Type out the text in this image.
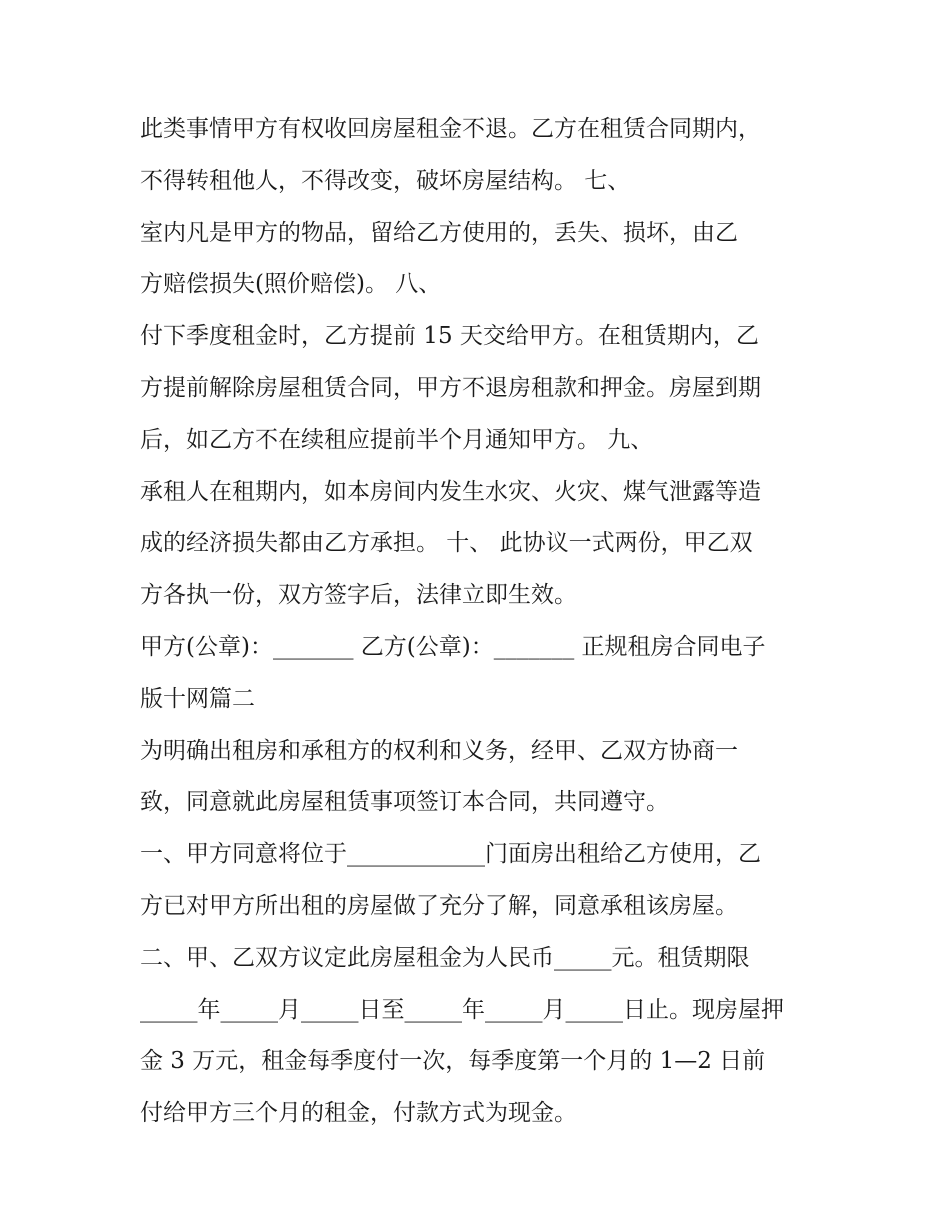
此类事情甲方有权收回房屋租金不退。乙方在租赁合同期内，
不得转租他人，不得改变，破坏房屋结构。 七、
室内凡是甲方的物品，留给乙方使用的，丢失、损坏，由乙
方赔偿损失(照价赔偿)。 八、
付下季度租金时，乙方提前 15 天交给甲方。在租赁期内，乙
方提前解除房屋租赁合同，甲方不退房租款和押金。房屋到期
后，如乙方不在续租应提前半个月通知甲方。 九、
承租人在租期内，如本房间内发生水灾、火灾、煤气泄露等造
成的经济损失都由乙方承担。 十、 此协议一式两份，甲乙双
方各执一份，双方签字后，法律立即生效。
甲方(公章)：_______ 乙方(公章)：_______ 正规租房合同电子
版十网篇二
为明确出租房和承租方的权利和义务，经甲、乙双方协商一
致，同意就此房屋租赁事项签订本合同，共同遵守。
一、甲方同意将位于____________门面房出租给乙方使用，乙
方已对甲方所出租的房屋做了充分了解，同意承租该房屋。
二、甲、乙双方议定此房屋租金为人民币_____元。租赁期限
_____年_____月_____日至_____年_____月_____日止。现房屋押
金 3 万元，租金每季度付一次，每季度第一个月的 1—2 日前
付给甲方三个月的租金，付款方式为现金。
